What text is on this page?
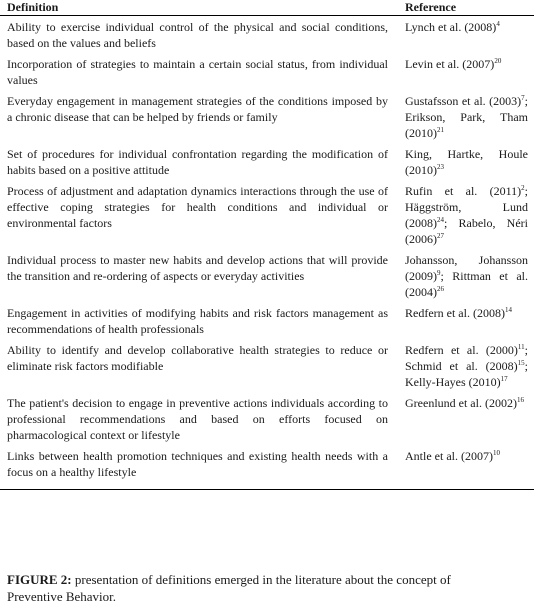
Definition	Reference
Ability to exercise individual control of the physical and social conditions, based on the values and beliefs	Lynch et al. $(2008)^4$
Incorporation of strategies to maintain a certain social status, from individual values	Levin et al. $(2007)^{20}$
Everyday engagement in management strategies of the conditions imposed by a chronic disease that can be helped by friends or family	Gustafsson et al. $(2003)^7$; Erikson, Park, Tham $(2010)^{21}$
Set of procedures for individual confrontation regarding the modification of habits based on a positive attitude	King, Hartke, Houle $(2010)^{23}$
Process of adjustment and adaptation dynamics interactions through the use of effective coping strategies for health conditions and individual or environmental factors	Rufin et al. $(2011)^2$; Häggström, Lund $(2008)^{24}$; Rabelo, Néri $(2006)^{27}$
Individual process to master new habits and develop actions that will provide the transition and re-ordering of aspects or everyday activities	Johansson, Johansson $(2009)^9$; Rittman et al. $(2004)^{26}$
Engagement in activities of modifying habits and risk factors management as recommendations of health professionals	Redfern et al. $(2008)^{14}$
Ability to identify and develop collaborative health strategies to reduce or eliminate risk factors modifiable	Redfern et al. $(2000)^{11}$; Schmid et al. $(2008)^{15}$; Kelly-Hayes $(2010)^{17}$
The patient's decision to engage in preventive actions individuals according to professional recommendations and based on efforts focused on pharmacological context or lifestyle	Greenlund et al. $(2002)^{16}$
Links between health promotion techniques and existing health needs with a focus on a healthy lifestyle	Antle et al. $(2007)^{10}$

FIGURE 2: presentation of definitions emerged in the literature about the concept of Preventive Behavior.
